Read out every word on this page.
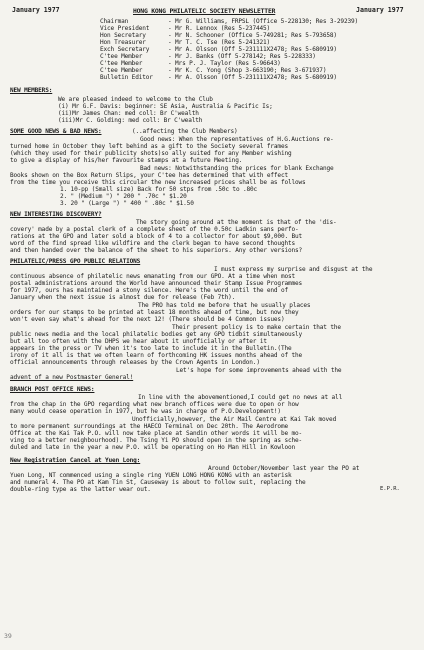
January 1977	HONG KONG PHILATELIC SOCIETY NEWSLETTER	January 1977
Chairman	- Mr G. Williams, FRPSL (Office 5-228130; Res 3-29239)
Vice President	- Mr R. Lennox (Res 5-237445)
Hon Secretary	- Mr N. Schooner (Office 5-749281; Res 5-793658)
Hon Treasurer	- Mr T. C. Tse (Res 5-241321)
Exch Secretary	- Mr A. Olsson (Off 5-231111X2478; Res 5-680919)
C'tee Member	- Mr J. Banks (Off 5-278142; Res 5-228333)
C'tee Member	- Mrs P. J. Taylor (Res 5-96643)
C'tee Member	- Mr K. C. Yong (Shop 3-663190; Res 3-671937)
Bulletin Editor - Mr A. Olsson (Off 5-231111X2478; Res 5-680919)
NEW MEMBERS:
We are pleased indeed to welcome to the Club
(i) Mr G.F. Davis: beginner: SE Asia, Australia & Pacific Is;
(ii)Mr James Chan: med coll: Br C'wealth
(iii)Mr C. Golding: med coll: Br C'wealth
SOME GOOD NEWS & BAD NEWS:	(..affecting the Club Members)
Good news: When the representatives of H.G.Auctions re-
turned home in October they left behind as a gift to the Society several frames
(which they used for their publicity shots)so ally suited for any Member wishing
to give a display of his/her favourite stamps at a future Meeting.
Bad news: Notwithstanding the prices for blank Exchange
Books shown on the Box Return Slips, your C'tee has determined that with effect
from the time you receive this circular the new increased prices shall be as follows
1. 10-pp (Small size) Back for 50 stps from .50c to .80c
2. " (Medium ") " 200 " .70c " $1.20
3. 20 " (Large ") " 400 " .80c " $1.50
NEW INTERESTING DISCOVERY?
The story going around at the moment is that of the 'dis-
covery' made by a postal clerk of a complete sheet of the 0.50c Ladkin sans perfo-
rations at the GPO and later sold a block of 4 to a collector for about $9,000. But
word of the find spread like wildfire and the clerk began to have second thoughts
and then handed over the balance of the sheet to his superiors. Any other versions?
PHILATELIC/PRESS GPO PUBLIC RELATIONS
I must express my surprise and disgust at the
continuous absence of philatelic news emanating from our GPO. At a time when most
postal administrations around the World have announced their Stamp Issue Programmes
for 1977, ours has maintained a stony silence. Here's the word until the end of
January when the next issue is almost due for release (Feb 7th).
The PRO has told me before that he usually places
orders for our stamps to be printed at least 18 months ahead of time, but now they
won't even say what's ahead for the next 12! (There should be 4 Common issues)
Their present policy is to make certain that the
public news media and the local philatelic bodies get any GPO tidbit simultaneously
but all too often with the DHPS we hear about it unofficially or after it
appears in the press or TV when it's too late to include it in the Bulletin.(The
irony of it all is that we often learn of forthcoming HK issues months ahead of the
official announcements through releases by the Crown Agents in London.)
Let's hope for some improvements ahead with the
advent of a new Postmaster General!
BRANCH POST OFFICE NEWS:
In line with the abovementioned,I could get no news at all
from the chap in the GPO regarding what new branch offices were due to open or how
many would cease operation in 1977, but he was in charge of P.O.Development!)
Unofficially,however, the Air Mail Centre at Kai Tak moved
to more permanent surroundings at the HAECO Terminal on Dec 20th. The Aerodrome
Office at the Kai Tak P.O. will now take place at Sandin other words it will be mo-
ving to a better neighbourhood). The Tsing Yi PO should open in the spring as sche-
duled and late in the year a new P.O. will be operating on Ho Man Hill in Kowloon
New Registration Cancel at Yuen Long:
Around October/November last year the PO at
Yuen Long, NT commenced using a single ring YUEN LONG HONG KONG with an asterisk
and numeral 4. The PO at Kam Tin St, Causeway is about to follow suit, replacing the
double-ring type as the latter wear out.	E.P.R.
39
